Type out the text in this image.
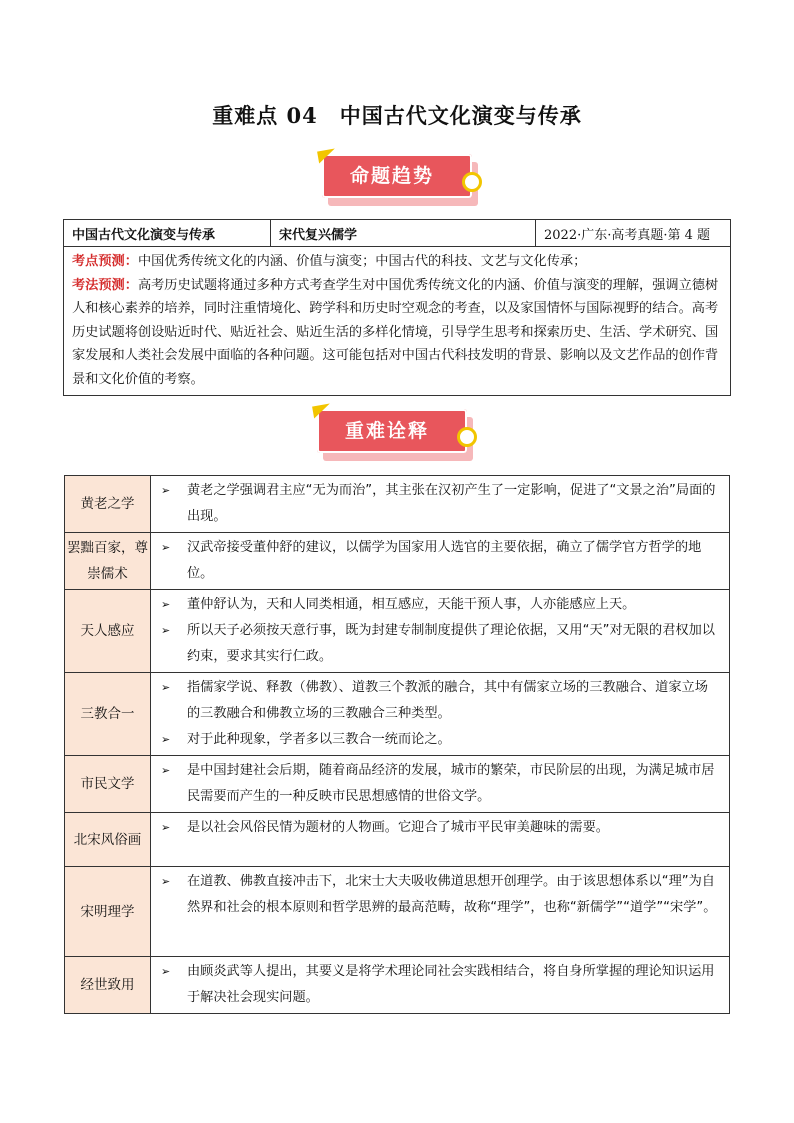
重难点 04　中国古代文化演变与传承
命题趋势
中国古代文化演变与传承	宋代复兴儒学	2022·广东·高考真题·第 4 题

考点预测：中国优秀传统文化的内涵、价值与演变；中国古代的科技、文艺与文化传承；
考法预测：高考历史试题将通过多种方式考查学生对中国优秀传统文化的内涵、价值与演变的理解，强调立德树人和核心素养的培养，同时注重情境化、跨学科和历史时空观念的考查，以及家国情怀与国际视野的结合。高考历史试题将创设贴近时代、贴近社会、贴近生活的多样化情境，引导学生思考和探索历史、生活、学术研究、国家发展和人类社会发展中面临的各种问题。这可能包括对中国古代科技发明的背景、影响以及文艺作品的创作背景和文化价值的考察。
重难诠释
黄老之学	➢ 黄老之学强调君主应“无为而治”，其主张在汉初产生了一定影响，促进了“文景之治”局面的出现。

罢黜百家，尊崇儒术	➢ 汉武帝接受董仲舒的建议，以儒学为国家用人选官的主要依据，确立了儒学官方哲学的地位。

天人感应	➢ 董仲舒认为，天和人同类相通，相互感应，天能干预人事，人亦能感应上天。
➢ 所以天子必须按天意行事，既为封建专制制度提供了理论依据，又用“天”对无限的君权加以约束，要求其实行仁政。

三教合一	➢ 指儒家学说、释教（佛教）、道教三个教派的融合，其中有儒家立场的三教融合、道家立场的三教融合和佛教立场的三教融合三种类型。
➢ 对于此种现象，学者多以三教合一统而论之。

市民文学	➢ 是中国封建社会后期，随着商品经济的发展，城市的繁荣，市民阶层的出现，为满足城市居民需要而产生的一种反映市民思想感情的世俗文学。

北宋风俗画	➢ 是以社会风俗民情为题材的人物画。它迎合了城市平民审美趣味的需要。

宋明理学	➢ 在道教、佛教直接冲击下，北宋士大夫吸收佛道思想开创理学。由于该思想体系以“理”为自然界和社会的根本原则和哲学思辨的最高范畴，故称“理学”，也称“新儒学”“道学”“宋学”。

经世致用	➢ 由顾炎武等人提出，其要义是将学术理论同社会实践相结合，将自身所掌握的理论知识运用于解决社会现实问题。
